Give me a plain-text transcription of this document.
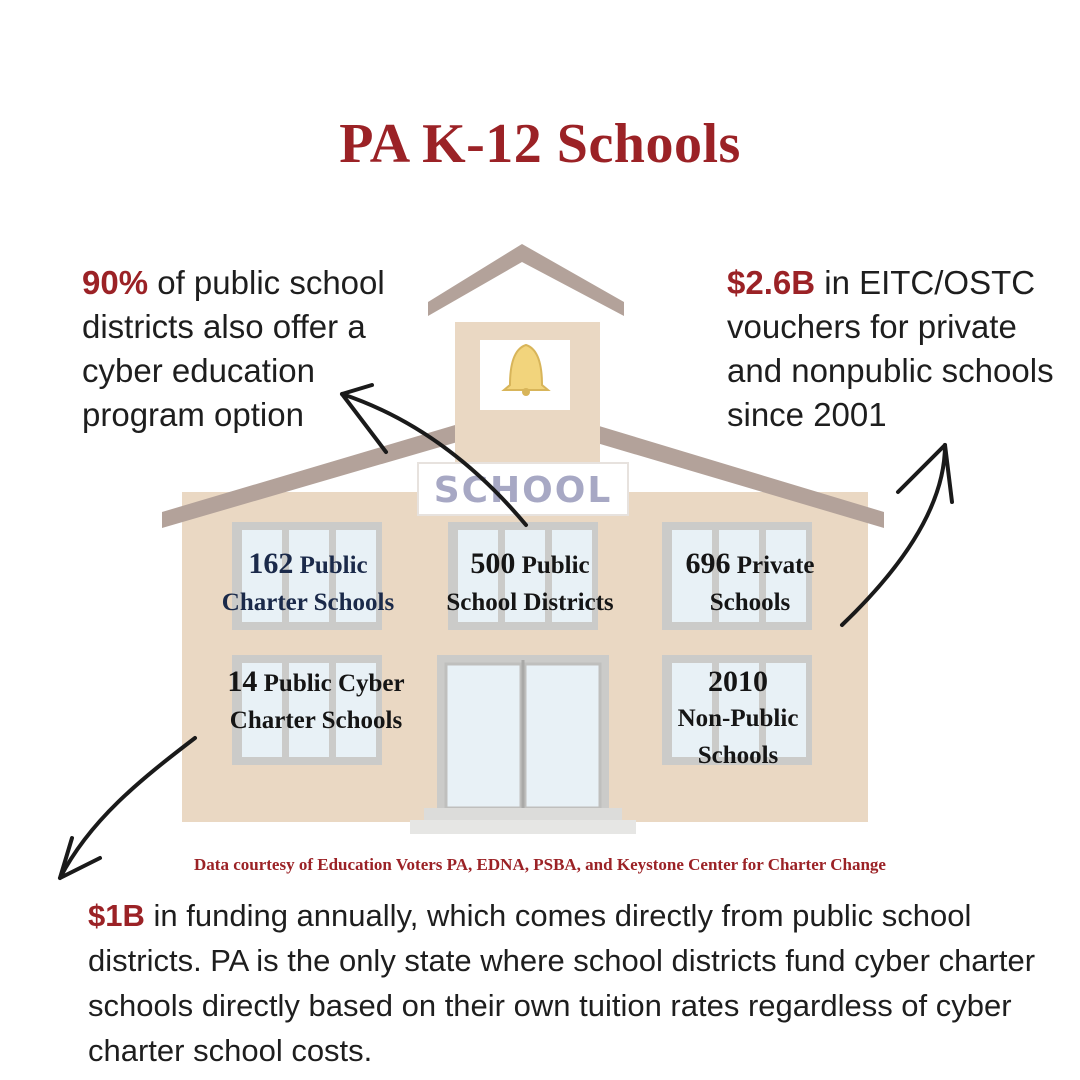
SCHOOL
PA K-12 Schools
90% of public school districts also offer a cyber education program option
$2.6B in EITC/OSTC vouchers for private and nonpublic schools since 2001
162 Public
Charter Schools
500 Public
School Districts
696 Private
Schools
14 Public Cyber
Charter Schools
2010
Non-Public
Schools
Data courtesy of Education Voters PA, EDNA, PSBA, and Keystone Center for Charter Change
$1B in funding annually, which comes directly from public school districts. PA is the only state where school districts fund cyber charter schools directly based on their own tuition rates regardless of cyber charter school costs.
